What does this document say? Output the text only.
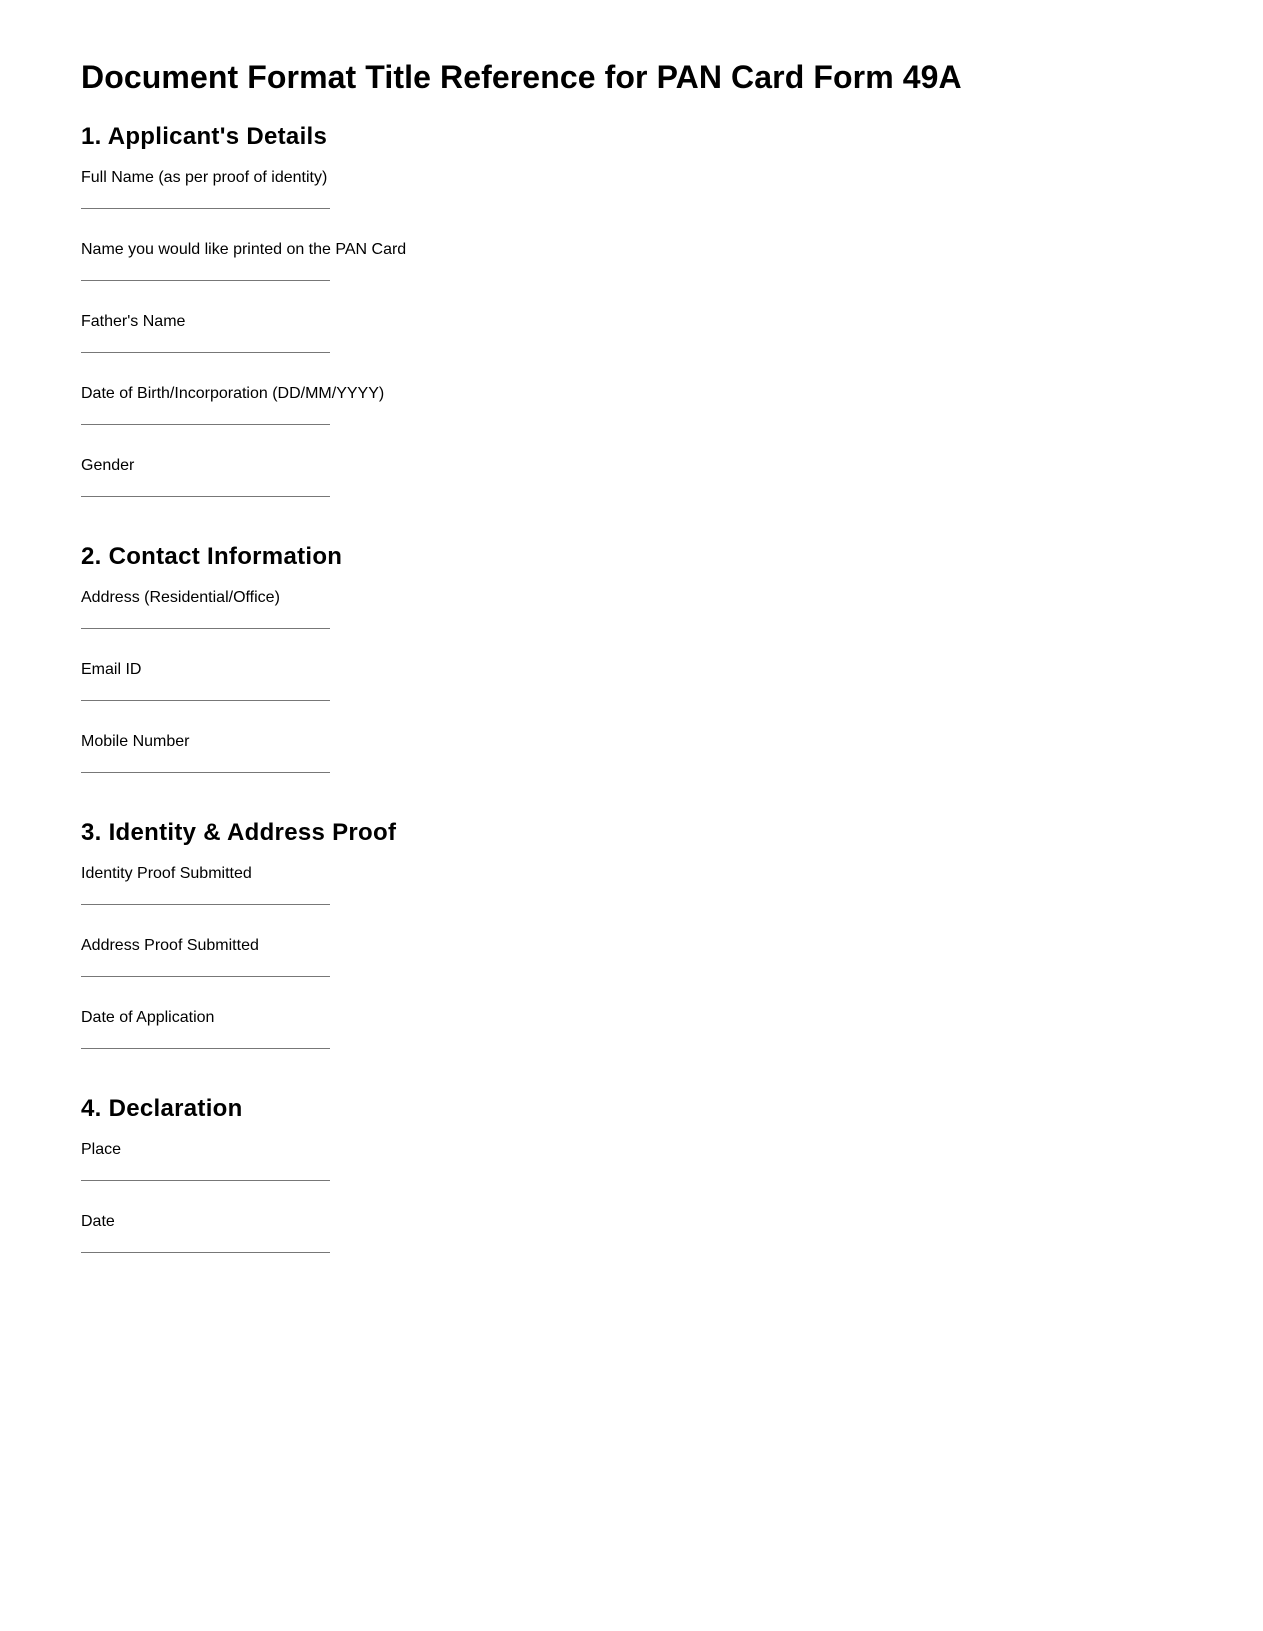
Document Format Title Reference for PAN Card Form 49A
1. Applicant's Details
Full Name (as per proof of identity)
Name you would like printed on the PAN Card
Father's Name
Date of Birth/Incorporation (DD/MM/YYYY)
Gender
2. Contact Information
Address (Residential/Office)
Email ID
Mobile Number
3. Identity & Address Proof
Identity Proof Submitted
Address Proof Submitted
Date of Application
4. Declaration
Place
Date
